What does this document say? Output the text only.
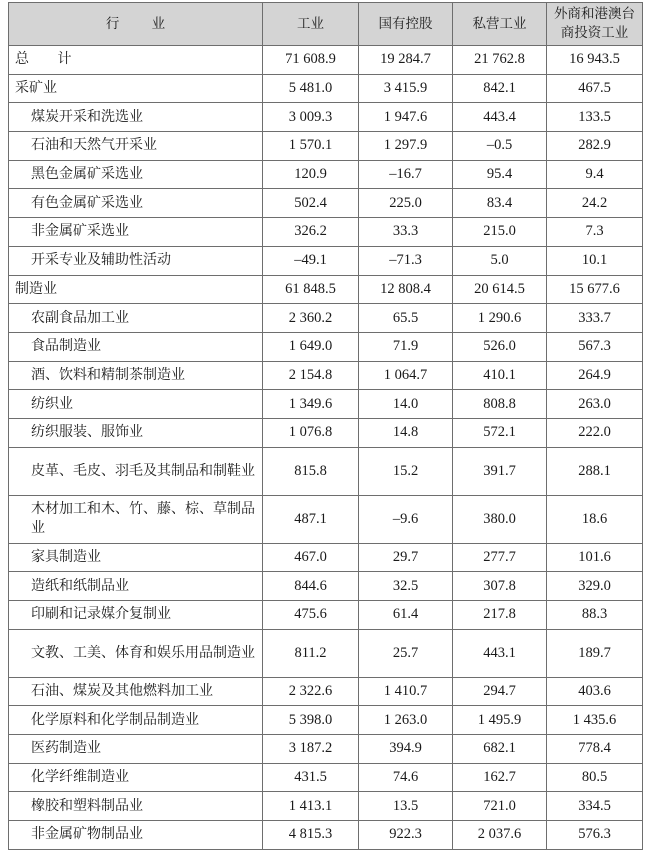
行 业	工业	国有控股	私营工业	外商和港澳台
商投资工业

总 计	71 608.9	19 284.7	21 762.8	16 943.5
采矿业	5 481.0	3 415.9	842.1	467.5
煤炭开采和洗选业	3 009.3	1 947.6	443.4	133.5
石油和天然气开采业	1 570.1	1 297.9	–0.5	282.9
黑色金属矿采选业	120.9	–16.7	95.4	9.4
有色金属矿采选业	502.4	225.0	83.4	24.2
非金属矿采选业	326.2	33.3	215.0	7.3
开采专业及辅助性活动	–49.1	–71.3	5.0	10.1
制造业	61 848.5	12 808.4	20 614.5	15 677.6
农副食品加工业	2 360.2	65.5	1 290.6	333.7
食品制造业	1 649.0	71.9	526.0	567.3
酒、饮料和精制茶制造业	2 154.8	1 064.7	410.1	264.9
纺织业	1 349.6	14.0	808.8	263.0
纺织服装、服饰业	1 076.8	14.8	572.1	222.0
皮革、毛皮、羽毛及其制品和制鞋业	815.8	15.2	391.7	288.1
木材加工和木、竹、藤、棕、草制品业	487.1	–9.6	380.0	18.6
家具制造业	467.0	29.7	277.7	101.6
造纸和纸制品业	844.6	32.5	307.8	329.0
印刷和记录媒介复制业	475.6	61.4	217.8	88.3
文教、工美、体育和娱乐用品制造业	811.2	25.7	443.1	189.7
石油、煤炭及其他燃料加工业	2 322.6	1 410.7	294.7	403.6
化学原料和化学制品制造业	5 398.0	1 263.0	1 495.9	1 435.6
医药制造业	3 187.2	394.9	682.1	778.4
化学纤维制造业	431.5	74.6	162.7	80.5
橡胶和塑料制品业	1 413.1	13.5	721.0	334.5
非金属矿物制品业	4 815.3	922.3	2 037.6	576.3
